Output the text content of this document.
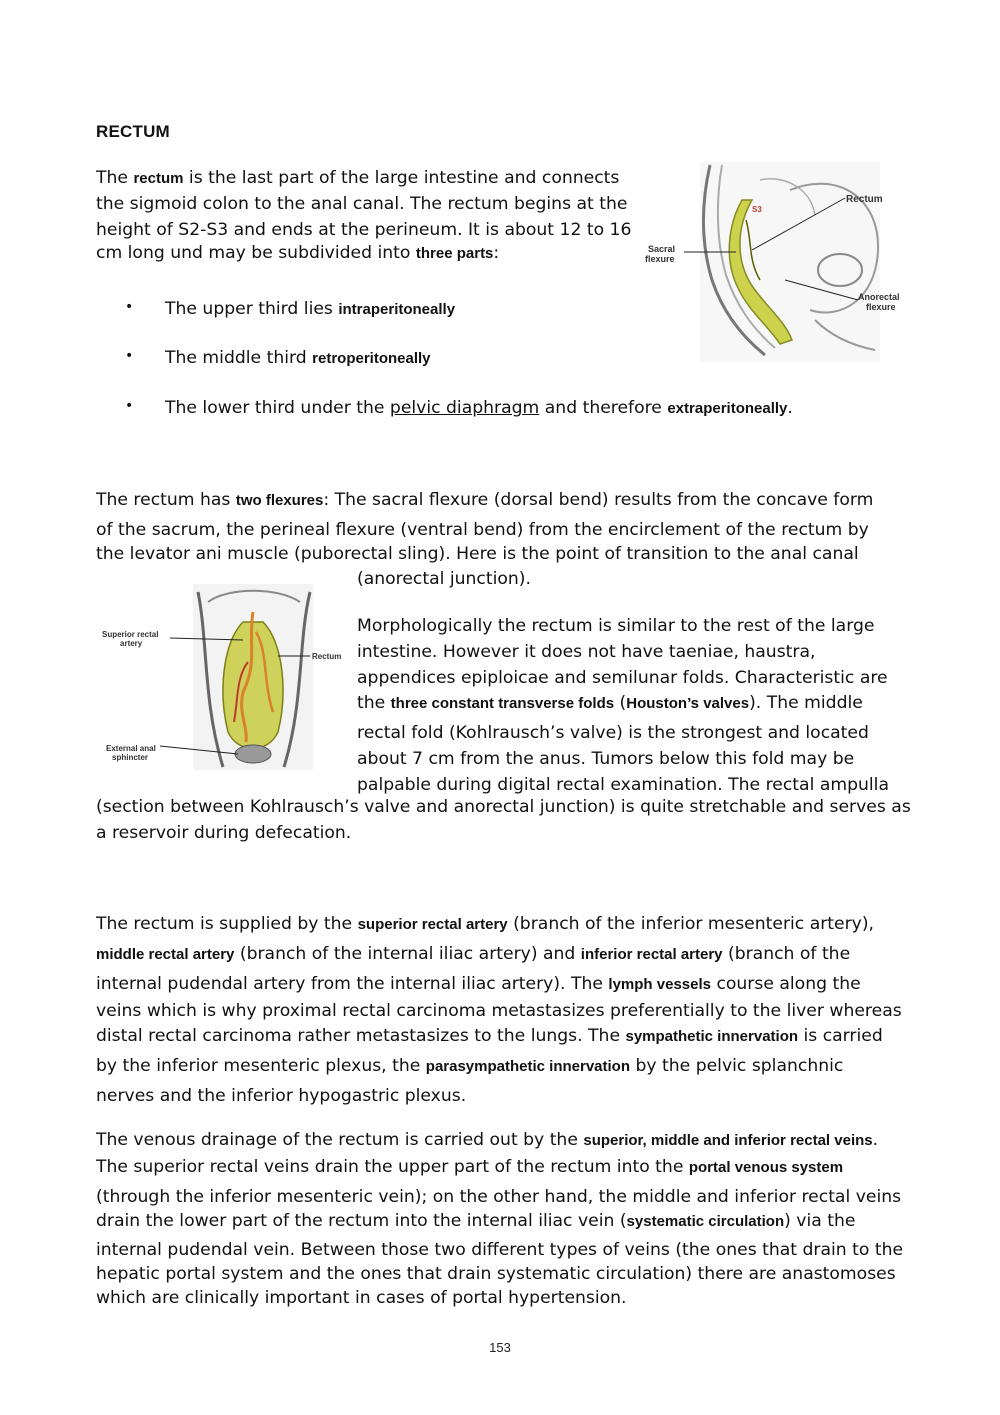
RECTUM
The rectum is the last part of the large intestine and connects
the sigmoid colon to the anal canal. The rectum begins at the
height of S2-S3 and ends at the perineum. It is about 12 to 16
cm long und may be subdivided into three parts:
• The upper third lies intraperitoneally
• The middle third retroperitoneally
• The lower third under the pelvic diaphragm and therefore extraperitoneally.
S3
Rectum
Sacral
flexure
Anorectal
flexure
The rectum has two flexures: The sacral flexure (dorsal bend) results from the concave form
of the sacrum, the perineal flexure (ventral bend) from the encirclement of the rectum by
the levator ani muscle (puborectal sling). Here is the point of transition to the anal canal
(anorectal junction).
Superior rectal
artery
Rectum
External anal
sphincter
Morphologically the rectum is similar to the rest of the large
intestine. However it does not have taeniae, haustra,
appendices epiploicae and semilunar folds. Characteristic are
the three constant transverse folds (Houston’s valves). The middle
rectal fold (Kohlrausch’s valve) is the strongest and located
about 7 cm from the anus. Tumors below this fold may be
palpable during digital rectal examination. The rectal ampulla
(section between Kohlrausch’s valve and anorectal junction) is quite stretchable and serves as
a reservoir during defecation.
The rectum is supplied by the superior rectal artery (branch of the inferior mesenteric artery),
middle rectal artery (branch of the internal iliac artery) and inferior rectal artery (branch of the
internal pudendal artery from the internal iliac artery). The lymph vessels course along the
veins which is why proximal rectal carcinoma metastasizes preferentially to the liver whereas
distal rectal carcinoma rather metastasizes to the lungs. The sympathetic innervation is carried
by the inferior mesenteric plexus, the parasympathetic innervation by the pelvic splanchnic
nerves and the inferior hypogastric plexus.
The venous drainage of the rectum is carried out by the superior, middle and inferior rectal veins.
The superior rectal veins drain the upper part of the rectum into the portal venous system
(through the inferior mesenteric vein); on the other hand, the middle and inferior rectal veins
drain the lower part of the rectum into the internal iliac vein (systematic circulation) via the
internal pudendal vein. Between those two different types of veins (the ones that drain to the
hepatic portal system and the ones that drain systematic circulation) there are anastomoses
which are clinically important in cases of portal hypertension.
153
